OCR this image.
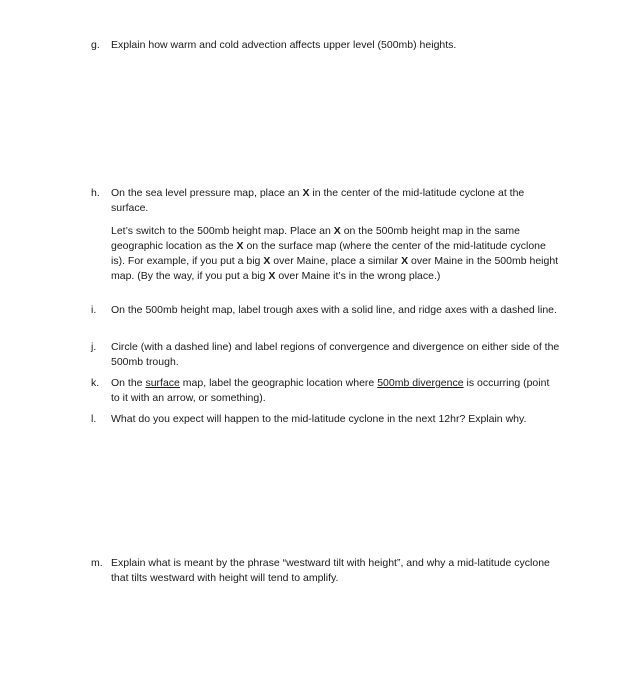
g.	Explain how warm and cold advection affects upper level (500mb) heights.
h.	On the sea level pressure map, place an X in the center of the mid-latitude cyclone at the surface.
Let’s switch to the 500mb height map. Place an X on the 500mb height map in the same geographic location as the X on the surface map (where the center of the mid-latitude cyclone is). For example, if you put a big X over Maine, place a similar X over Maine in the 500mb height map. (By the way, if you put a big X over Maine it’s in the wrong place.)
i.	On the 500mb height map, label trough axes with a solid line, and ridge axes with a dashed line.
j.	Circle (with a dashed line) and label regions of convergence and divergence on either side of the 500mb trough.
k.	On the surface map, label the geographic location where 500mb divergence is occurring (point to it with an arrow, or something).
l.	What do you expect will happen to the mid-latitude cyclone in the next 12hr? Explain why.
m. Explain what is meant by the phrase “westward tilt with height”, and why a mid-latitude cyclone that tilts westward with height will tend to amplify.
